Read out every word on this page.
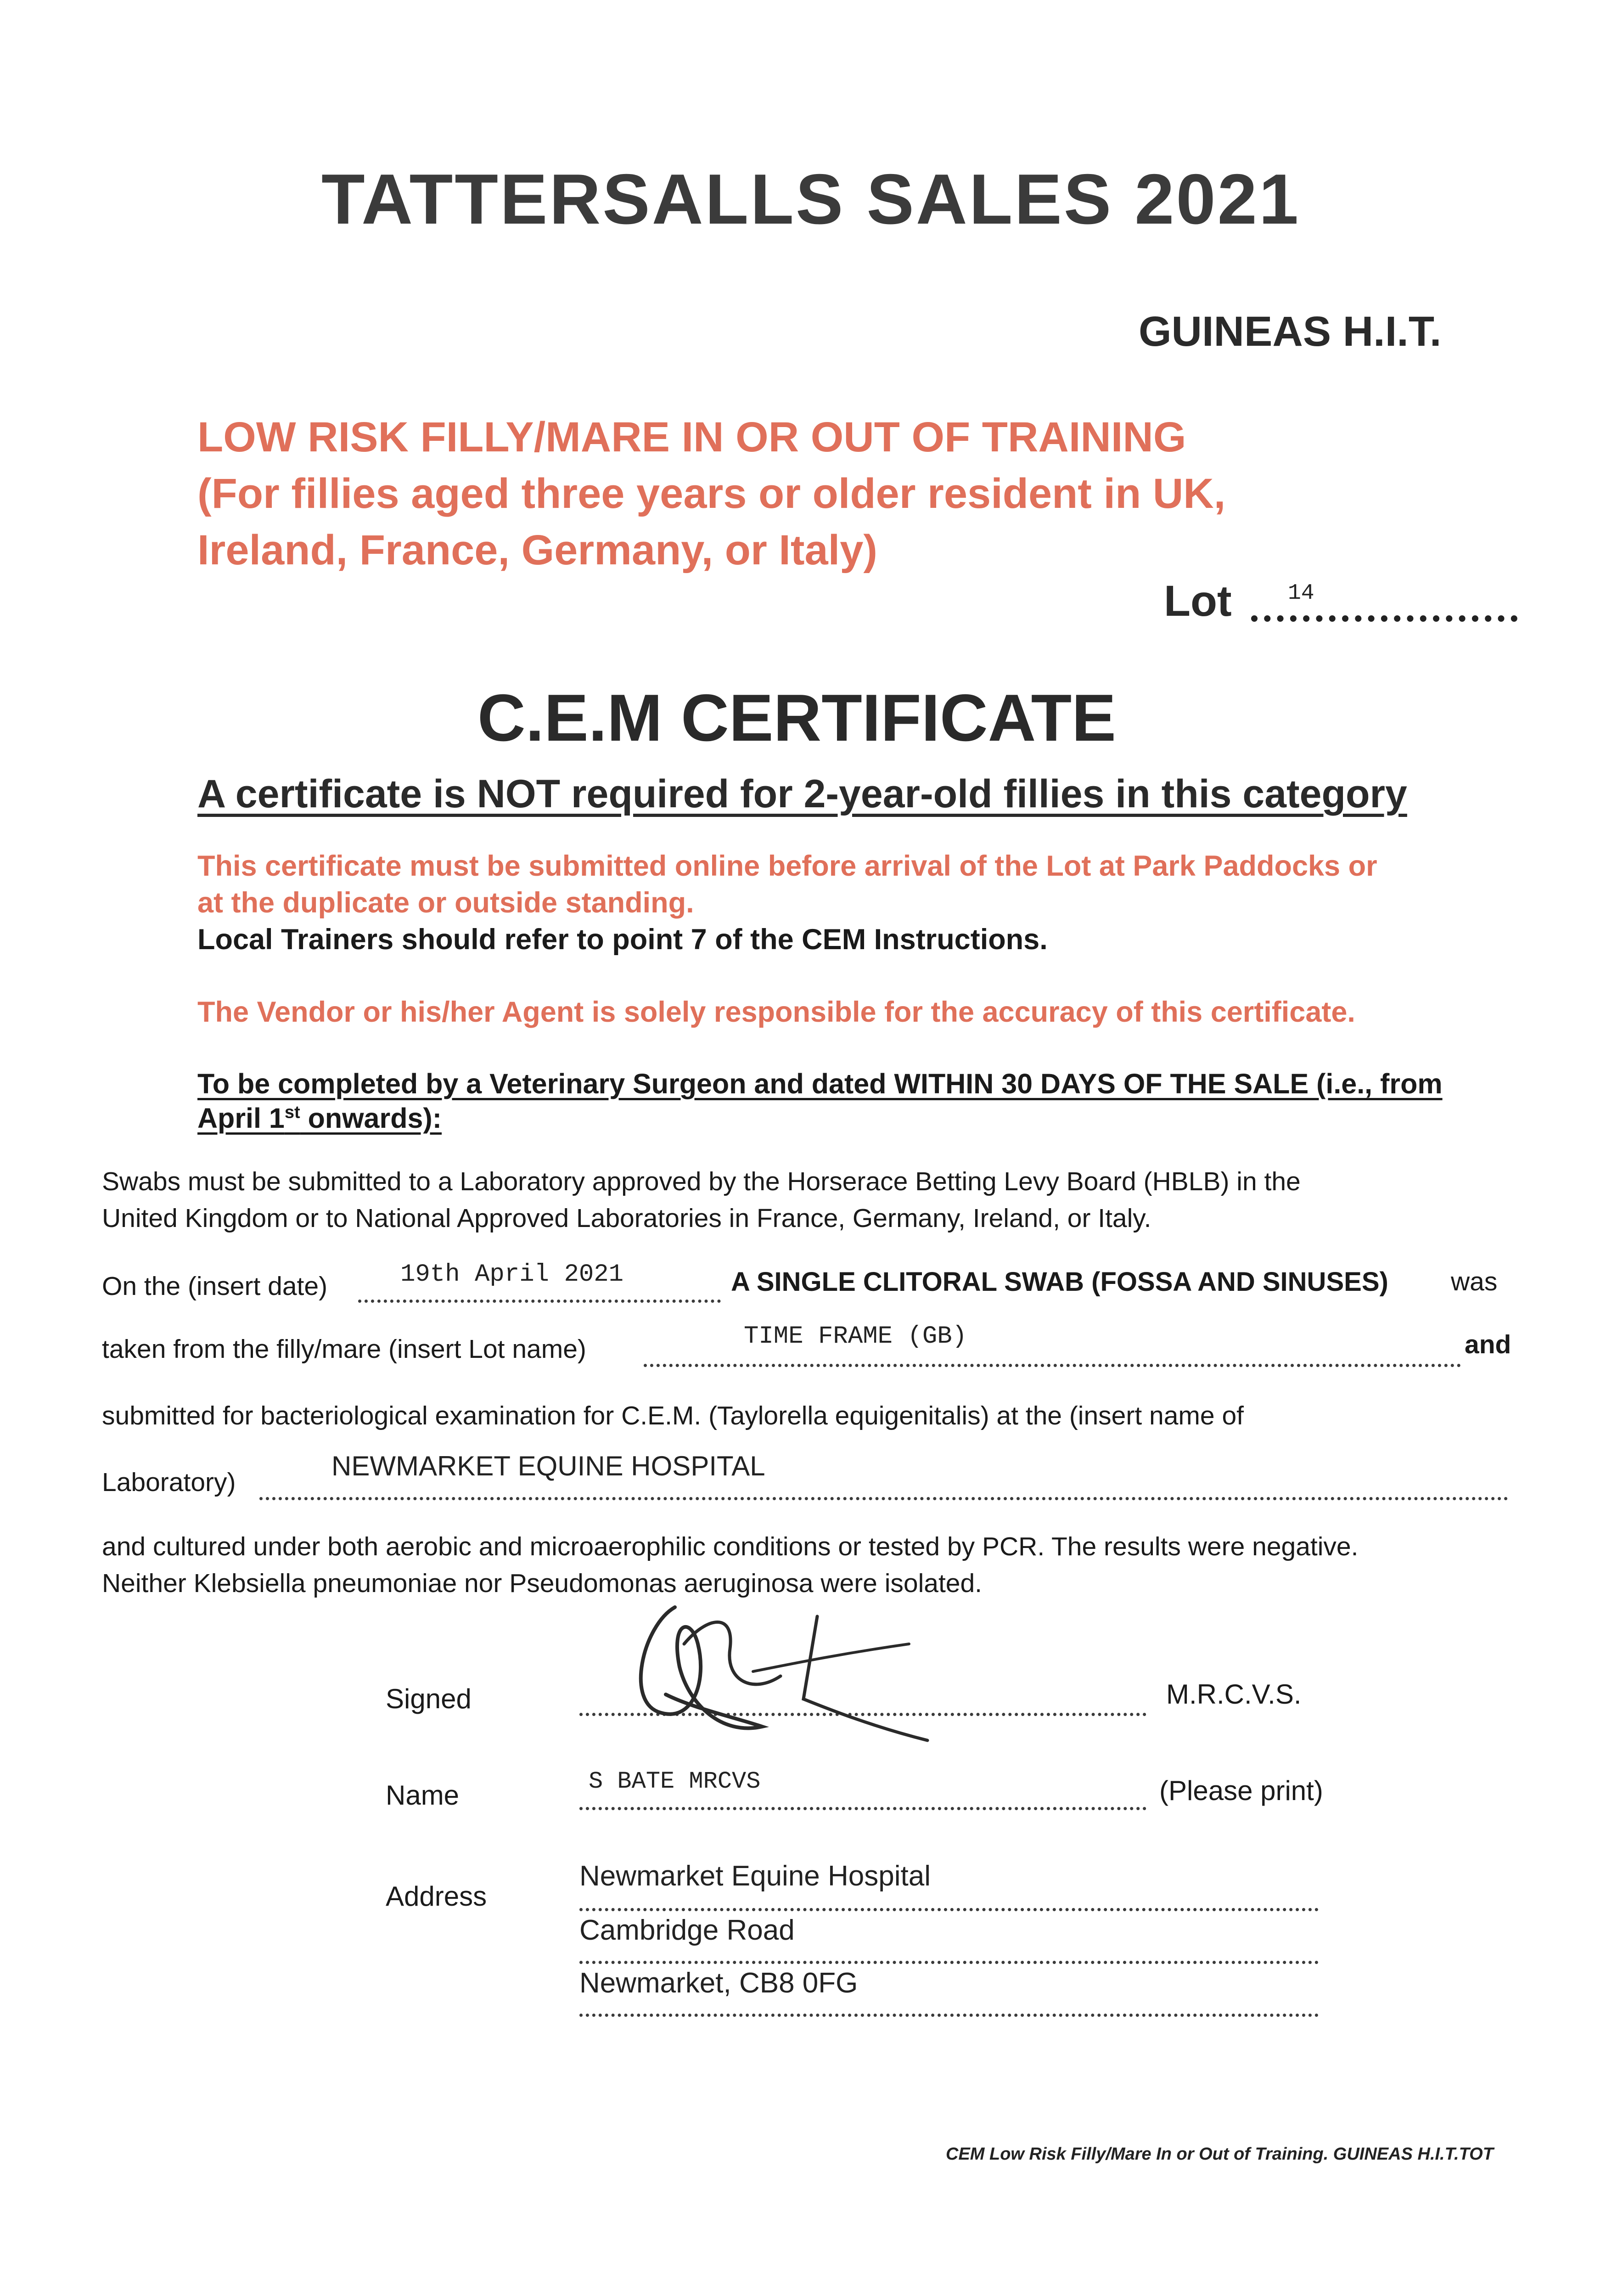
TATTERSALLS SALES 2021
GUINEAS H.I.T.
LOW RISK FILLY/MARE IN OR OUT OF TRAINING
(For fillies aged three years or older resident in UK,
Ireland, France, Germany, or Italy)
Lot	14
C.E.M CERTIFICATE
A certificate is NOT required for 2-year-old fillies in this category
This certificate must be submitted online before arrival of the Lot at Park Paddocks or
at the duplicate or outside standing.
Local Trainers should refer to point 7 of the CEM Instructions.
The Vendor or his/her Agent is solely responsible for the accuracy of this certificate.
To be completed by a Veterinary Surgeon and dated WITHIN 30 DAYS OF THE SALE (i.e., from
April 1st onwards):
Swabs must be submitted to a Laboratory approved by the Horserace Betting Levy Board (HBLB) in the
United Kingdom or to National Approved Laboratories in France, Germany, Ireland, or Italy.
On the (insert date)	19th April 2021	A SINGLE CLITORAL SWAB (FOSSA AND SINUSES) was
taken from the filly/mare (insert Lot name)	TIME FRAME (GB)	and
submitted for bacteriological examination for C.E.M. (Taylorella equigenitalis) at the (insert name of
Laboratory)
NEWMARKET EQUINE HOSPITAL
and cultured under both aerobic and microaerophilic conditions or tested by PCR. The results were negative.
Neither Klebsiella pneumoniae nor Pseudomonas aeruginosa were isolated.
Signed	M.R.C.V.S.
Name	S BATE MRCVS	(Please print)
Address
Newmarket Equine Hospital
Cambridge Road
Newmarket, CB8 0FG
CEM Low Risk Filly/Mare In or Out of Training. GUINEAS H.I.T.TOT
